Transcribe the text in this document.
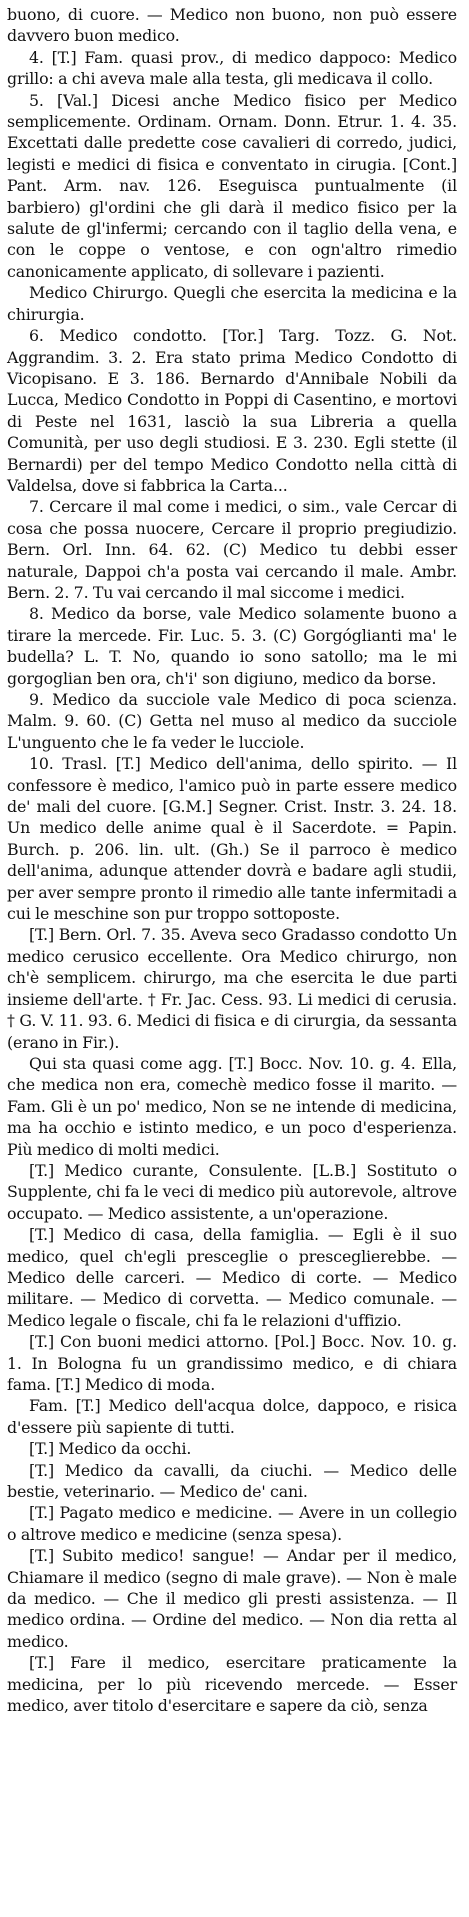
buono, di cuore. — Medico non buono, non può essere davvero buon medico.

4. [T.] Fam. quasi prov., di medico dappoco: Medico grillo: a chi aveva male alla testa, gli medicava il collo.

5. [Val.] Dicesi anche Medico fisico per Medico semplicemente. Ordinam. Ornam. Donn. Etrur. 1. 4. 35. Excettati dalle predette cose cavalieri di corredo, judici, legisti e medici di fisica e conventato in cirugia. [Cont.] Pant. Arm. nav. 126. Eseguisca puntualmente (il barbiero) gl'ordini che gli darà il medico fisico per la salute de gl'infermi; cercando con il taglio della vena, e con le coppe o ventose, e con ogn'altro rimedio canonicamente applicato, di sollevare i pazienti.

Medico Chirurgo. Quegli che esercita la medicina e la chirurgia.

6. Medico condotto. [Tor.] Targ. Tozz. G. Not. Aggrandim. 3. 2. Era stato prima Medico Condotto di Vicopisano. E 3. 186. Bernardo d'Annibale Nobili da Lucca, Medico Condotto in Poppi di Casentino, e mortovi di Peste nel 1631, lasciò la sua Libreria a quella Comunità, per uso degli studiosi. E 3. 230. Egli stette (il Bernardi) per del tempo Medico Condotto nella città di Valdelsa, dove si fabbrica la Carta...

7. Cercare il mal come i medici, o sim., vale Cercar di cosa che possa nuocere, Cercare il proprio pregiudizio. Bern. Orl. Inn. 64. 62. (C) Medico tu debbi esser naturale, Dappoi ch'a posta vai cercando il male. Ambr. Bern. 2. 7. Tu vai cercando il mal siccome i medici.

8. Medico da borse, vale Medico solamente buono a tirare la mercede. Fir. Luc. 5. 3. (C) Gorgóglianti ma' le budella? L. T. No, quando io sono satollo; ma le mi gorgoglian ben ora, ch'i' son digiuno, medico da borse.

9. Medico da succiole vale Medico di poca scienza. Malm. 9. 60. (C) Getta nel muso al medico da succiole L'unguento che le fa veder le lucciole.

10. Trasl. [T.] Medico dell'anima, dello spirito. — Il confessore è medico, l'amico può in parte essere medico de' mali del cuore. [G.M.] Segner. Crist. Instr. 3. 24. 18. Un medico delle anime qual è il Sacerdote. = Papin. Burch. p. 206. lin. ult. (Gh.) Se il parroco è medico dell'anima, adunque attender dovrà e badare agli studii, per aver sempre pronto il rimedio alle tante infermitadi a cui le meschine son pur troppo sottoposte.

[T.] Bern. Orl. 7. 35. Aveva seco Gradasso condotto Un medico cerusico eccellente. Ora Medico chirurgo, non ch'è semplicem. chirurgo, ma che esercita le due parti insieme dell'arte. † Fr. Jac. Cess. 93. Li medici di cerusia. † G. V. 11. 93. 6. Medici di fisica e di cirurgia, da sessanta (erano in Fir.).

Qui sta quasi come agg. [T.] Bocc. Nov. 10. g. 4. Ella, che medica non era, comechè medico fosse il marito. — Fam. Gli è un po' medico, Non se ne intende di medicina, ma ha occhio e istinto medico, e un poco d'esperienza. Più medico di molti medici.

[T.] Medico curante, Consulente. [L.B.] Sostituto o Supplente, chi fa le veci di medico più autorevole, altrove occupato. — Medico assistente, a un'operazione.

[T.] Medico di casa, della famiglia. — Egli è il suo medico, quel ch'egli presceglie o presceglierebbe. — Medico delle carceri. — Medico di corte. — Medico militare. — Medico di corvetta. — Medico comunale. — Medico legale o fiscale, chi fa le relazioni d'uffizio.

[T.] Con buoni medici attorno. [Pol.] Bocc. Nov. 10. g. 1. In Bologna fu un grandissimo medico, e di chiara fama. [T.] Medico di moda.

Fam. [T.] Medico dell'acqua dolce, dappoco, e risica d'essere più sapiente di tutti.

[T.] Medico da occhi.

[T.] Medico da cavalli, da ciuchi. — Medico delle bestie, veterinario. — Medico de' cani.

[T.] Pagato medico e medicine. — Avere in un collegio o altrove medico e medicine (senza spesa).

[T.] Subito medico! sangue! — Andar per il medico, Chiamare il medico (segno di male grave). — Non è male da medico. — Che il medico gli presti assistenza. — Il medico ordina. — Ordine del medico. — Non dia retta al medico.

[T.] Fare il medico, esercitare praticamente la medicina, per lo più ricevendo mercede. — Esser medico, aver titolo d'esercitare e sapere da ciò, senza
